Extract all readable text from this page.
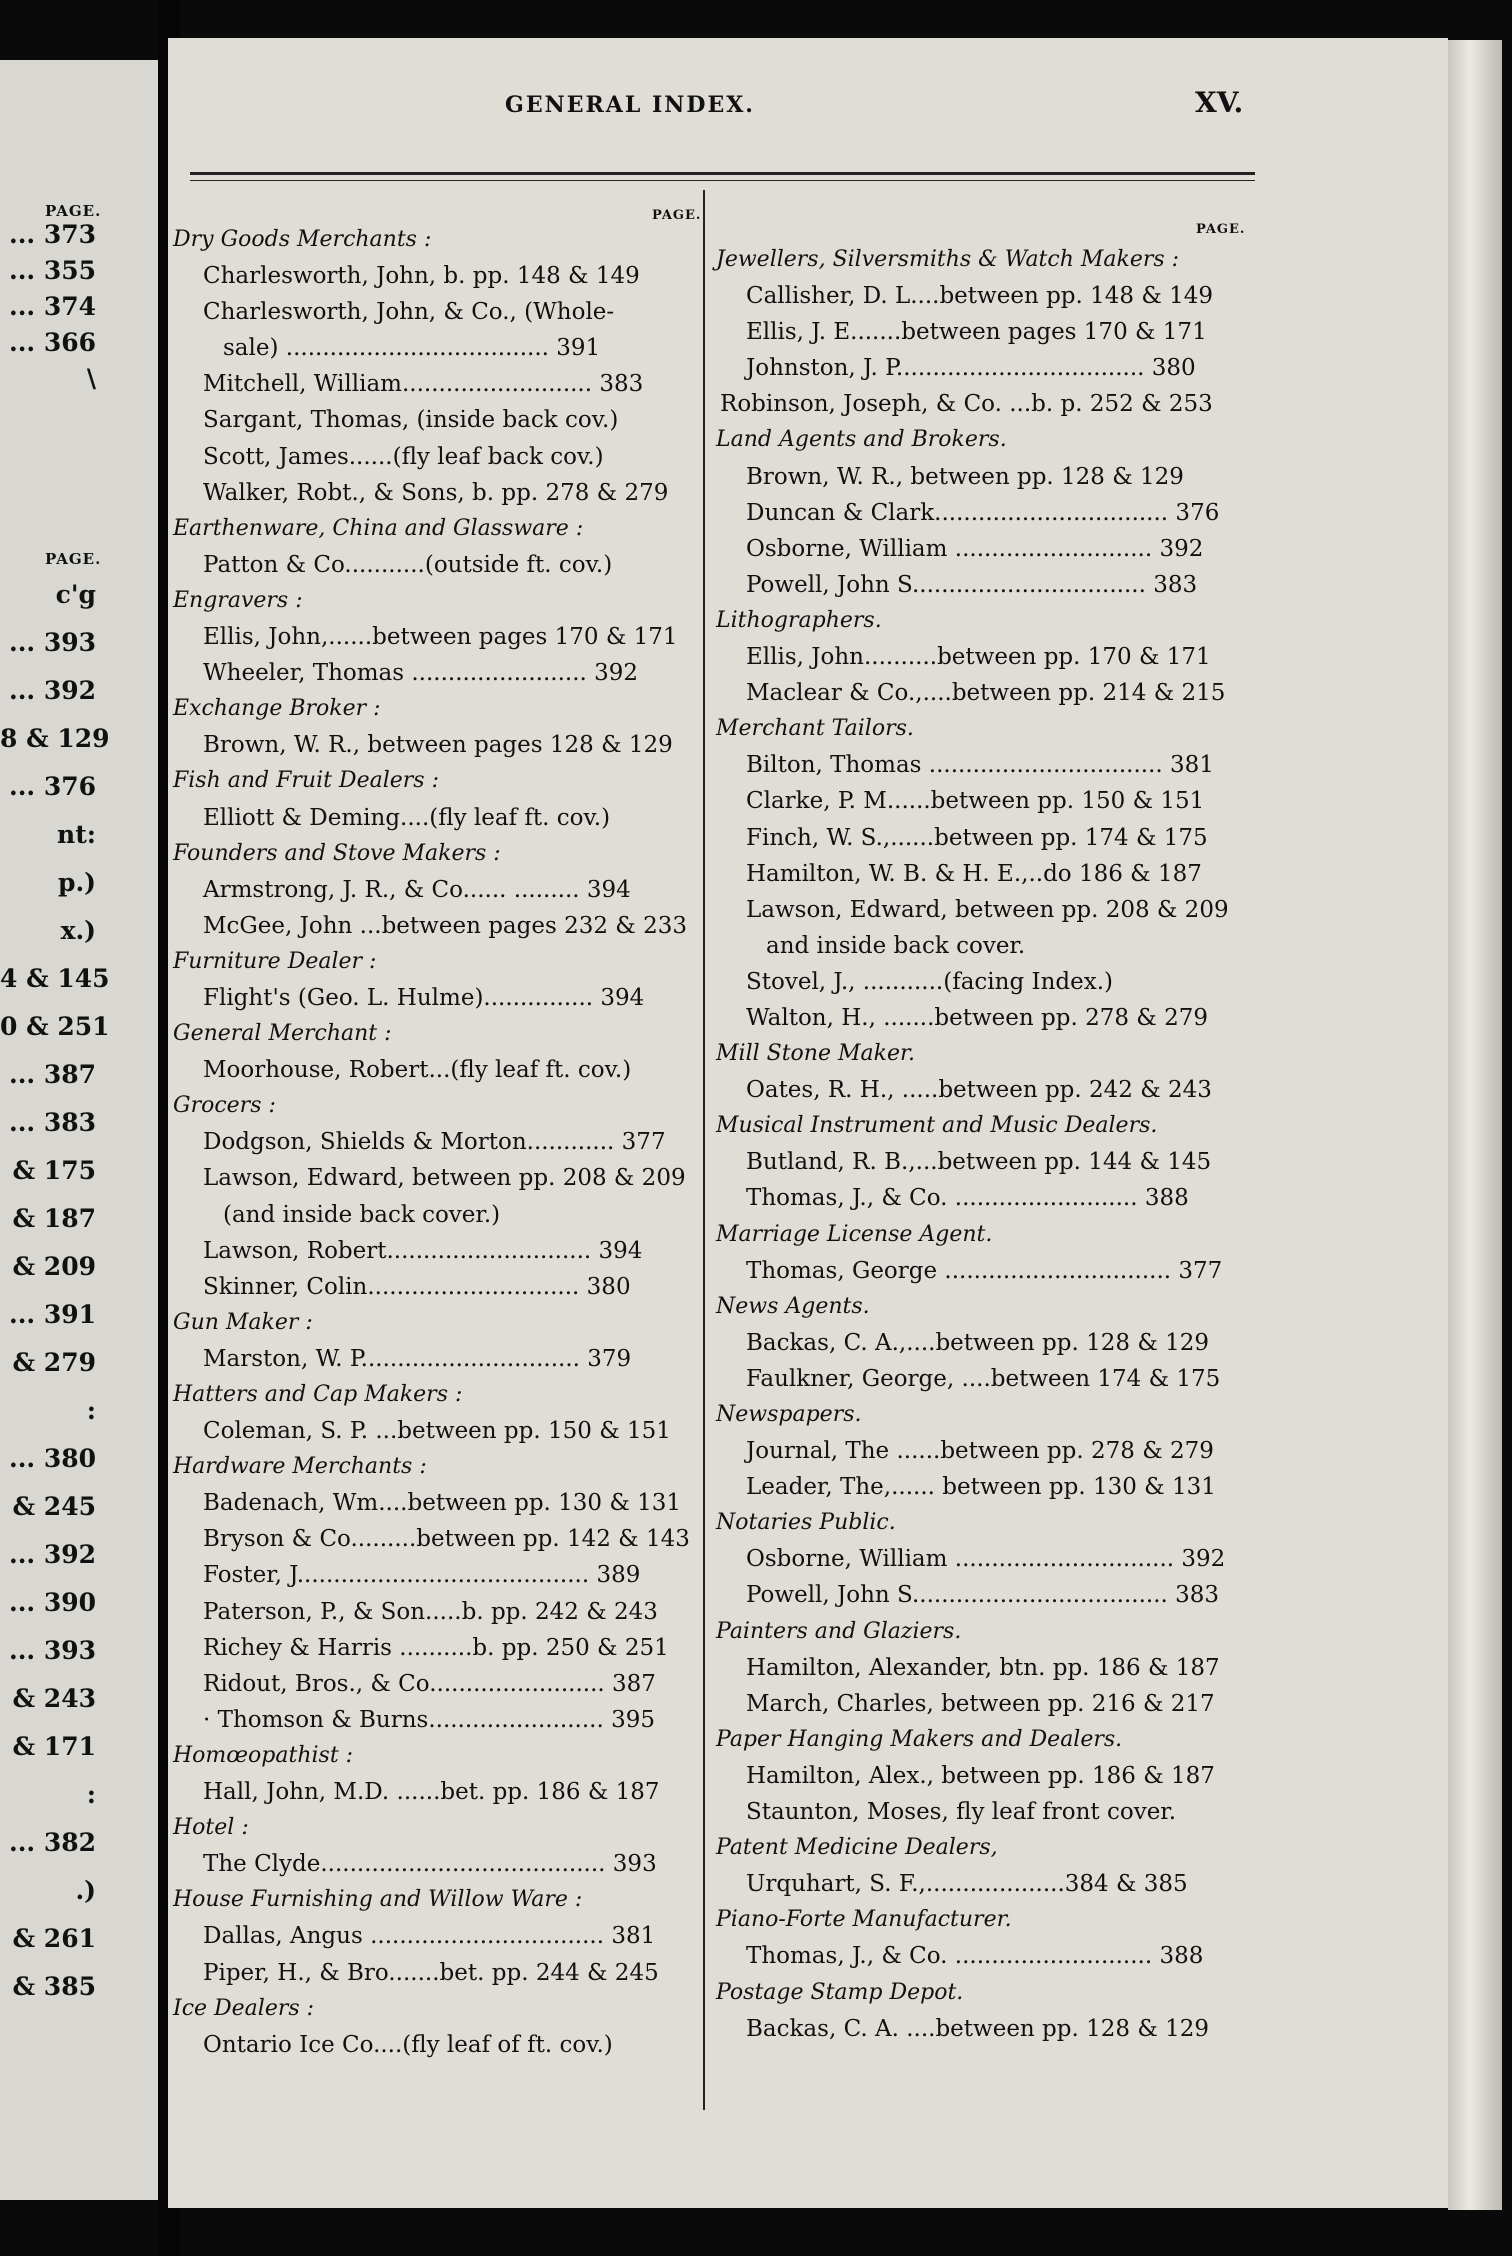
PAGE.
... 373
... 355
... 374
... 366
\
PAGE.
c'g
... 393
... 392
8 & 129
... 376
nt:
p.)
x.)
4 & 145
0 & 251
... 387
... 383
& 175
& 187
& 209
... 391
& 279
:
... 380
& 245
... 392
... 390
... 393
& 243
& 171
:
... 382
.)
& 261
& 385
GENERAL INDEX.	XV.
PAGE.
PAGE.
Dry Goods Merchants :
Charlesworth, John, b. pp. 148 & 149
Charlesworth, John, & Co., (Whole-
sale) .................................... 391
Mitchell, William.......................... 383
Sargant, Thomas, (inside back cov.)
Scott, James......(fly leaf back cov.)
Walker, Robt., & Sons, b. pp. 278 & 279
Earthenware, China and Glassware :
Patton & Co...........(outside ft. cov.)
Engravers :
Ellis, John,......between pages 170 & 171
Wheeler, Thomas ........................ 392
Exchange Broker :
Brown, W. R., between pages 128 & 129
Fish and Fruit Dealers :
Elliott & Deming....(fly leaf ft. cov.)
Founders and Stove Makers :
Armstrong, J. R., & Co...... ......... 394
McGee, John ...between pages 232 & 233
Furniture Dealer :
Flight's (Geo. L. Hulme)............... 394
General Merchant :
Moorhouse, Robert...(fly leaf ft. cov.)
Grocers :
Dodgson, Shields & Morton............ 377
Lawson, Edward, between pp. 208 & 209
(and inside back cover.)
Lawson, Robert............................ 394
Skinner, Colin............................. 380
Gun Maker :
Marston, W. P.............................. 379
Hatters and Cap Makers :
Coleman, S. P. ...between pp. 150 & 151
Hardware Merchants :
Badenach, Wm....between pp. 130 & 131
Bryson & Co.........between pp. 142 & 143
Foster, J........................................ 389
Paterson, P., & Son.....b. pp. 242 & 243
Richey & Harris ..........b. pp. 250 & 251
Ridout, Bros., & Co........................ 387
· Thomson & Burns........................ 395
Homœopathist :
Hall, John, M.D. ......bet. pp. 186 & 187
Hotel :
The Clyde....................................... 393
House Furnishing and Willow Ware :
Dallas, Angus ................................ 381
Piper, H., & Bro.......bet. pp. 244 & 245
Ice Dealers :
Ontario Ice Co....(fly leaf of ft. cov.)
Jewellers, Silversmiths & Watch Makers :
Callisher, D. L....between pp. 148 & 149
Ellis, J. E.......between pages 170 & 171
Johnston, J. P.................................. 380
Robinson, Joseph, & Co. ...b. p. 252 & 253
Land Agents and Brokers.
Brown, W. R., between pp. 128 & 129
Duncan & Clark................................ 376
Osborne, William ........................... 392
Powell, John S................................ 383
Lithographers.
Ellis, John..........between pp. 170 & 171
Maclear & Co.,....between pp. 214 & 215
Merchant Tailors.
Bilton, Thomas ................................ 381
Clarke, P. M......between pp. 150 & 151
Finch, W. S.,......between pp. 174 & 175
Hamilton, W. B. & H. E.,..do 186 & 187
Lawson, Edward, between pp. 208 & 209
and inside back cover.
Stovel, J., ...........(facing Index.)
Walton, H., .......between pp. 278 & 279
Mill Stone Maker.
Oates, R. H., .....between pp. 242 & 243
Musical Instrument and Music Dealers.
Butland, R. B.,...between pp. 144 & 145
Thomas, J., & Co. ......................... 388
Marriage License Agent.
Thomas, George ............................... 377
News Agents.
Backas, C. A.,....between pp. 128 & 129
Faulkner, George, ....between 174 & 175
Newspapers.
Journal, The ......between pp. 278 & 279
Leader, The,...... between pp. 130 & 131
Notaries Public.
Osborne, William .............................. 392
Powell, John S................................... 383
Painters and Glaziers.
Hamilton, Alexander, btn. pp. 186 & 187
March, Charles, between pp. 216 & 217
Paper Hanging Makers and Dealers.
Hamilton, Alex., between pp. 186 & 187
Staunton, Moses, fly leaf front cover.
Patent Medicine Dealers,
Urquhart, S. F.,...................384 & 385
Piano-Forte Manufacturer.
Thomas, J., & Co. ........................... 388
Postage Stamp Depot.
Backas, C. A. ....between pp. 128 & 129
